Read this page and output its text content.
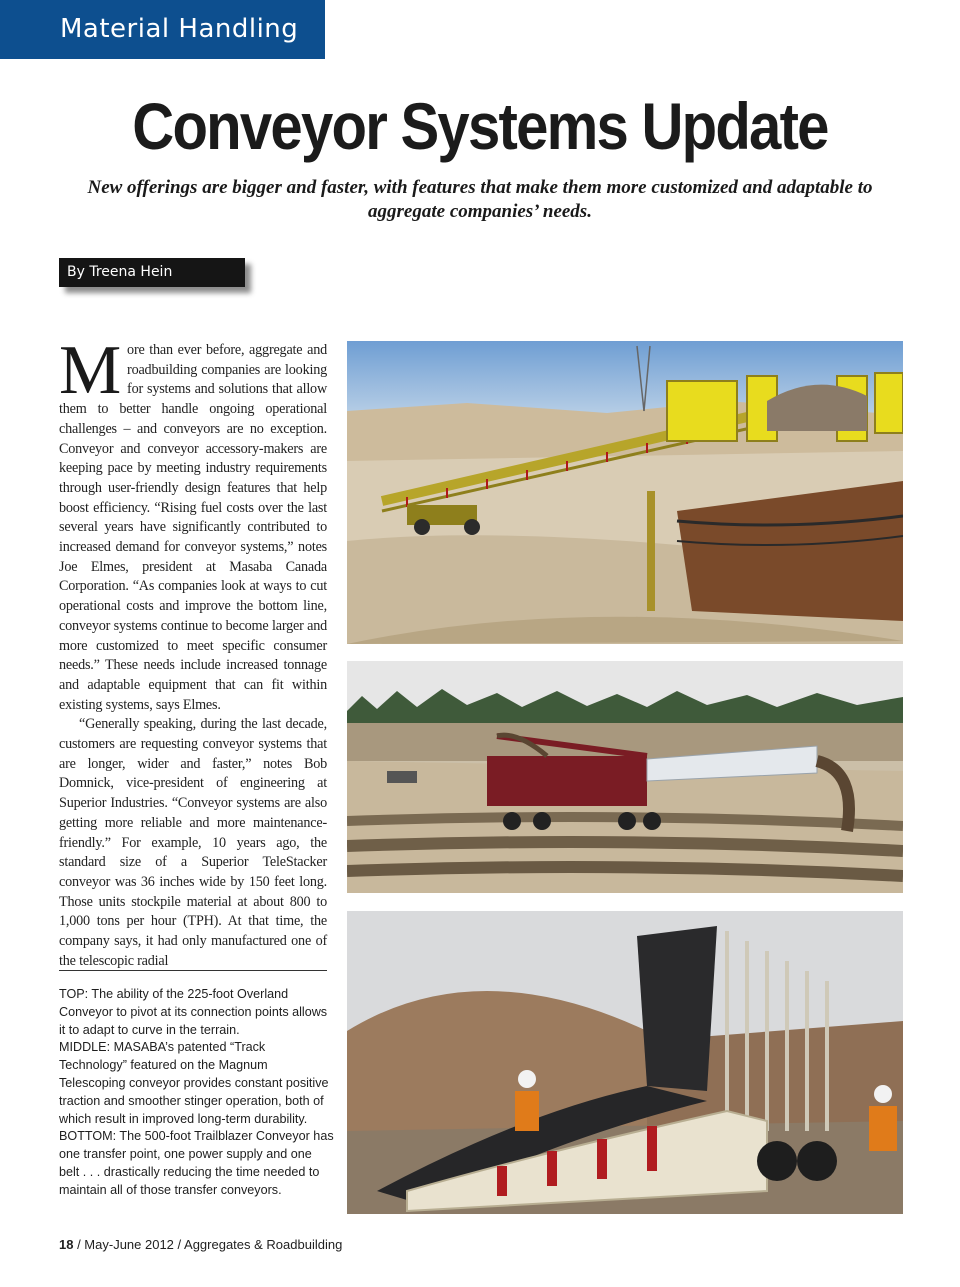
Material Handling
Conveyor Systems Update
New offerings are bigger and faster, with features that make them more customized and adaptable to aggregate companies’ needs.
By Treena Hein

More than ever before, aggregate and roadbuilding companies are looking for systems and solutions that allow them to better handle ongoing operational challenges – and conveyors are no exception. Conveyor and conveyor accessory-makers are keeping pace by meeting industry requirements through user-friendly design features that help boost efficiency. “Rising fuel costs over the last several years have significantly contributed to increased demand for conveyor systems,” notes Joe Elmes, president at Masaba Canada Corporation. “As companies look at ways to cut operational costs and improve the bottom line, conveyor systems continue to become larger and more customized to meet specific consumer needs.” These needs include increased tonnage and adaptable equipment that can fit within existing systems, says Elmes.

“Generally speaking, during the last decade, customers are requesting conveyor systems that are longer, wider and faster,” notes Bob Domnick, vice-president of engineering at Superior Industries. “Conveyor systems are also getting more reliable and more maintenance-friendly.” For example, 10 years ago, the standard size of a Superior TeleStacker conveyor was 36 inches wide by 150 feet long. Those units stockpile material at about 800 to 1,000 tons per hour (TPH). At that time, the company says, it had only manufactured one of the telescopic radial

TOP: The ability of the 225-foot Overland Conveyor to pivot at its connection points allows it to adapt to curve in the terrain.

MIDDLE: MASABA’s patented “Track Technology” featured on the Magnum Telescoping conveyor provides constant positive traction and smoother stinger operation, both of which result in improved long-term durability.

BOTTOM: The 500-foot Trailblazer Conveyor has one transfer point, one power supply and one belt . . . drastically reducing the time needed to maintain all of those transfer conveyors.

18 / May-June 2012 / Aggregates & Roadbuilding
